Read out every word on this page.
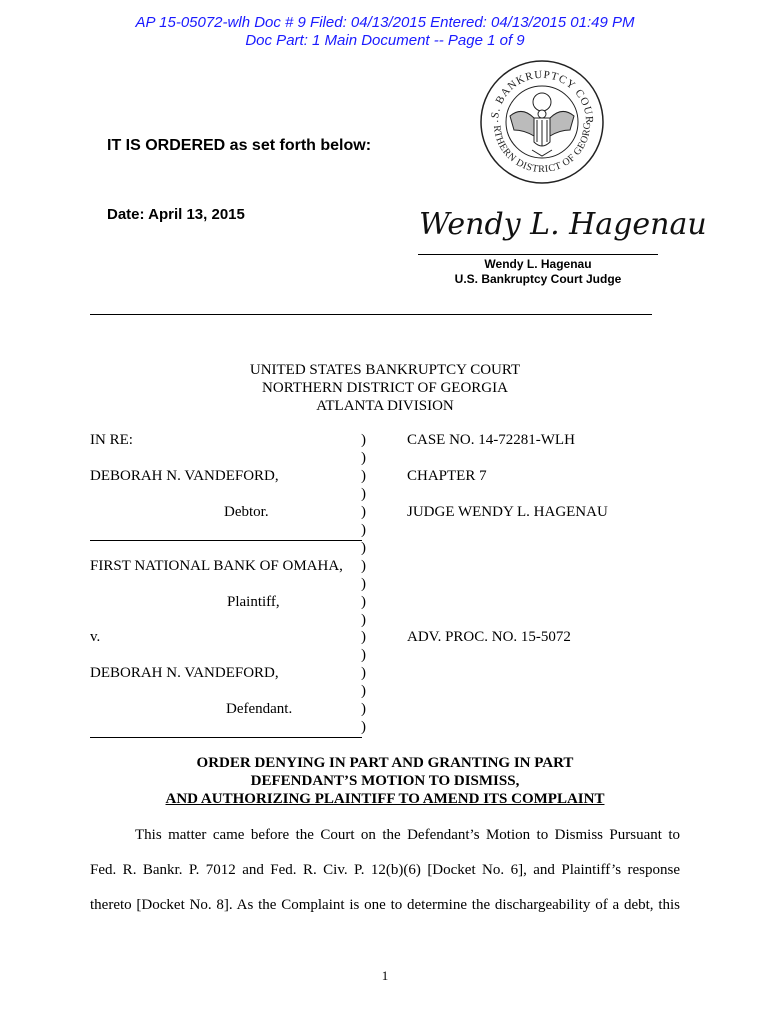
AP 15-05072-wlh Doc # 9 Filed: 04/13/2015 Entered: 04/13/2015 01:49 PM
Doc Part: 1 Main Document -- Page 1 of 9
.S. BANKRUPTCY COUR
RTHERN DISTRICT OF GEORG
IT IS ORDERED as set forth below:
Date: April 13, 2015	Wendy L. Hagenau
Wendy L. Hagenau
U.S. Bankruptcy Court Judge
UNITED STATES BANKRUPTCY COURT
NORTHERN DISTRICT OF GEORGIA
ATLANTA DIVISION
IN RE:
DEBORAH N. VANDEFORD,
Debtor.
FIRST NATIONAL BANK OF OMAHA,
Plaintiff,
v.
DEBORAH N. VANDEFORD,
Defendant.
)
)
)
)
)
)
)
)
)
)
)
)
)
)
)
)
)
CASE NO. 14-72281-WLH
CHAPTER 7
JUDGE WENDY L. HAGENAU
ADV. PROC. NO. 15-5072
ORDER DENYING IN PART AND GRANTING IN PART
DEFENDANT’S MOTION TO DISMISS,
AND AUTHORIZING PLAINTIFF TO AMEND ITS COMPLAINT
This matter came before the Court on the Defendant’s Motion to Dismiss Pursuant to
Fed. R. Bankr. P. 7012 and Fed. R. Civ. P. 12(b)(6) [Docket No. 6], and Plaintiff’s response
thereto [Docket No. 8]. As the Complaint is one to determine the dischargeability of a debt, this
1
